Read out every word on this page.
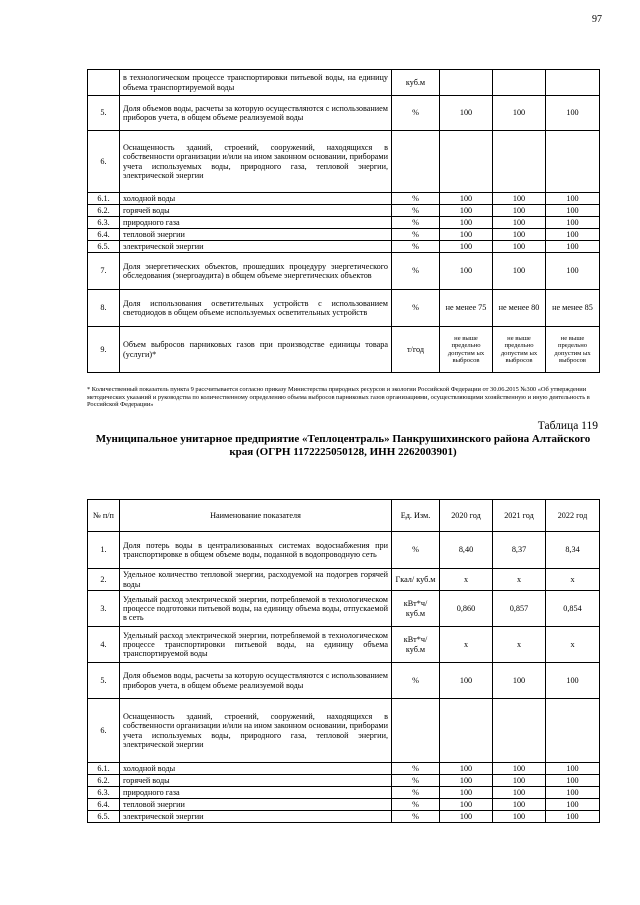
97
	в технологическом процессе транспортировки питьевой воды, на единицу объема транспортируемой воды	куб.м			
5.	Доля объемов воды, расчеты за которую осуществляются с использованием приборов учета, в общем объеме реализуемой воды	%	100	100	100
6.	Оснащенность зданий, строений, сооружений, находящихся в собственности организации и/или на ином законном основании, приборами учета используемых воды, природного газа, тепловой энергии, электрической энергии				
6.1.	холодной воды	%	100	100	100
6.2.	горячей воды	%	100	100	100
6.3.	природного газа	%	100	100	100
6.4.	тепловой энергии	%	100	100	100
6.5.	электрической энергии	%	100	100	100
7.	Доля энергетических объектов, прошедших процедуру энергетического обследования (энергоаудита) в общем объеме энергетических объектов	%	100	100	100
8.	Доля использования осветительных устройств с использованием светодиодов в общем объеме используемых осветительных устройств	%	не менее 75	не менее 80	не менее 85
9.	Объем выбросов парниковых газов при производстве единицы товара (услуги)*	т/год	не выше предельно допустим ых выбросов	не выше предельно допустим ых выбросов	не выше предельно допустим ых выбросов
* Количественный показатель пункта 9 рассчитывается согласно приказу Министерства природных ресурсов и экологии Российской Федерации от 30.06.2015 №300 «Об утверждении методических указаний и руководства по количественному определению объема выбросов парниковых газов организациями, осуществляющими хозяйственную и иную деятельность в Российской Федерации»
Таблица 119
Муниципальное унитарное предприятие «Теплоцентраль» Панкрушихинского района Алтайского края (ОГРН 1172225050128, ИНН 2262003901)
№ п/п	Наименование показателя	Ед. Изм.	2020 год	2021 год	2022 год
1.	Доля потерь воды в централизованных системах водоснабжения при транспортировке в общем объеме воды, поданной в водопроводную сеть	%	8,40	8,37	8,34
2.	Удельное количество тепловой энергии, расходуемой на подогрев горячей воды	Гкал/ куб.м	х	х	х
3.	Удельный расход электрической энергии, потребляемой в технологическом процессе подготовки питьевой воды, на единицу объема воды, отпускаемой в сеть	кВт*ч/ куб.м	0,860	0,857	0,854
4.	Удельный расход электрической энергии, потребляемой в технологическом процессе транспортировки питьевой воды, на единицу объема транспортируемой воды	кВт*ч/ куб.м	х	х	х
5.	Доля объемов воды, расчеты за которую осуществляются с использованием приборов учета, в общем объеме реализуемой воды	%	100	100	100
6.	Оснащенность зданий, строений, сооружений, находящихся в собственности организации и/или на ином законном основании, приборами учета используемых воды, природного газа, тепловой энергии, электрической энергии				
6.1.	холодной воды	%	100	100	100
6.2.	горячей воды	%	100	100	100
6.3.	природного газа	%	100	100	100
6.4.	тепловой энергии	%	100	100	100
6.5.	электрической энергии	%	100	100	100
